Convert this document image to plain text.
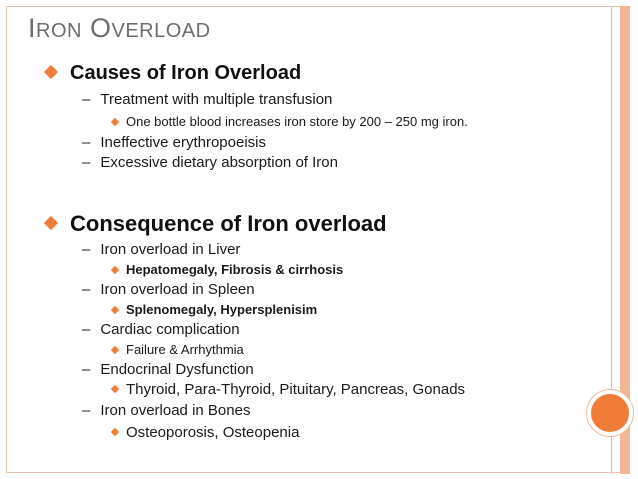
IRON OVERLOAD
Causes of Iron Overload
– Treatment with multiple transfusion
One bottle blood increases iron store by 200 – 250 mg iron.
– Ineffective erythropoeisis
– Excessive dietary absorption of Iron
Consequence of Iron overload
– Iron overload in Liver
Hepatomegaly, Fibrosis & cirrhosis
– Iron overload in Spleen
Splenomegaly, Hypersplenisim
– Cardiac complication
Failure & Arrhythmia
– Endocrinal Dysfunction
Thyroid, Para-Thyroid, Pituitary, Pancreas, Gonads
– Iron overload in Bones
Osteoporosis, Osteopenia
